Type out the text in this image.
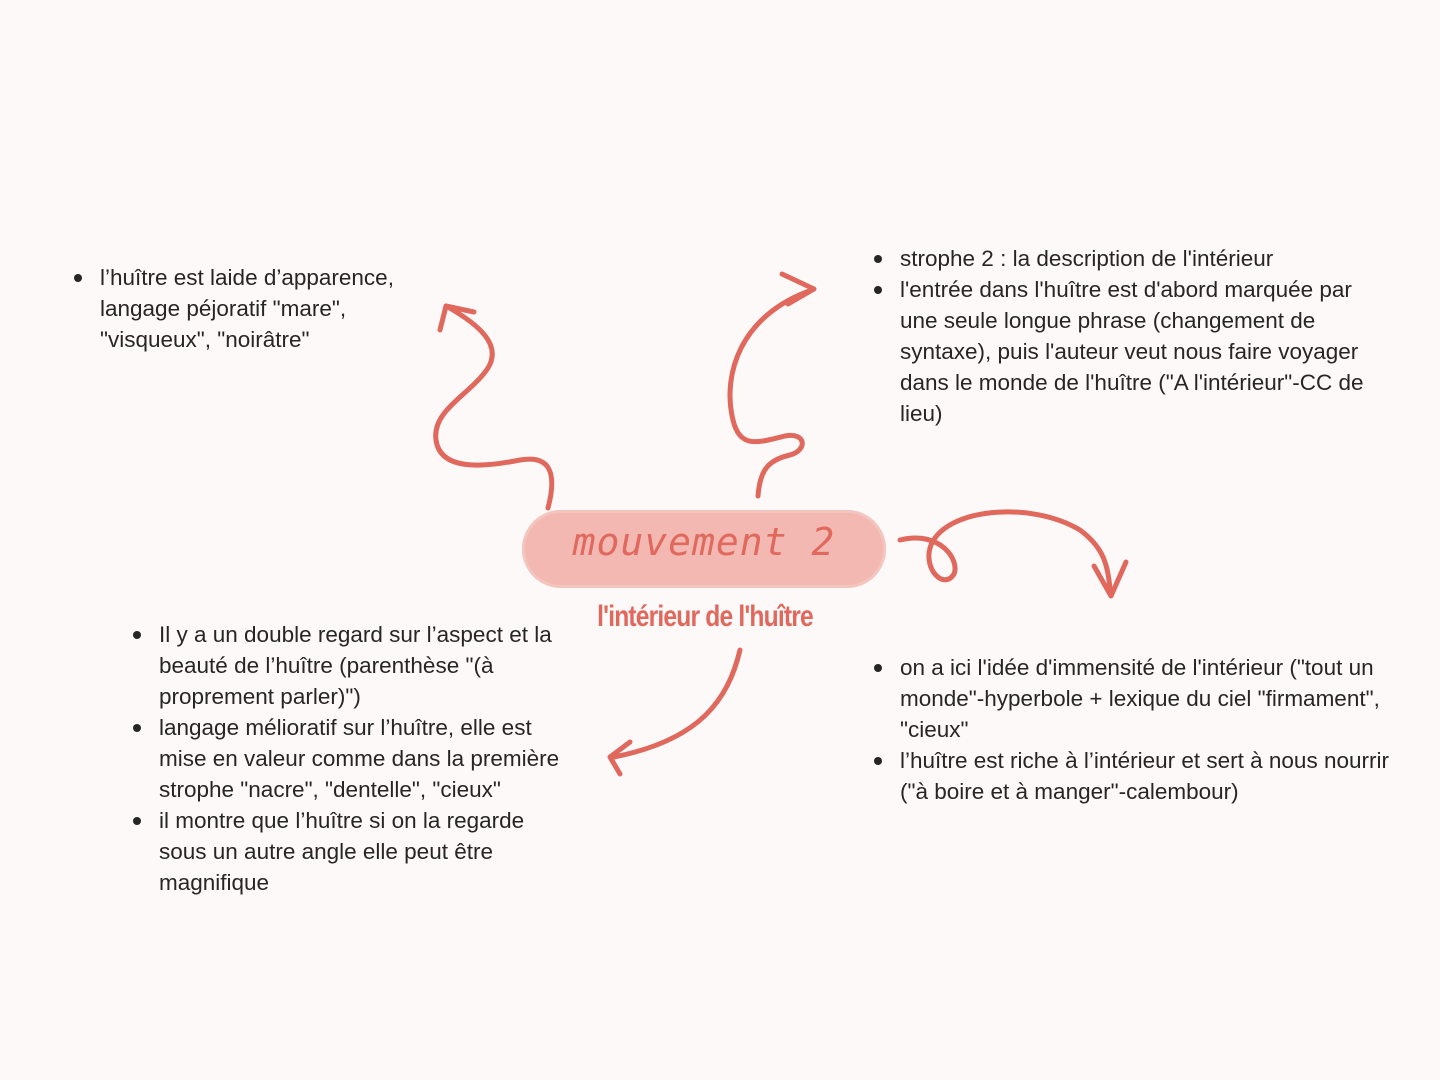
mouvement 2
l'intérieur de l'huître
l’huître est laide d’apparence, langage péjoratif "mare", "visqueux", "noirâtre"
strophe 2 : la description de l'intérieur
l'entrée dans l'huître est d'abord marquée par une seule longue phrase (changement de syntaxe), puis l'auteur veut nous faire voyager dans le monde de l'huître ("A l'intérieur"-CC de lieu)
Il y a un double regard sur l’aspect et la beauté de l’huître (parenthèse "(à proprement parler)")
langage mélioratif sur l’huître, elle est mise en valeur comme dans la première strophe "nacre", "dentelle", "cieux"
il montre que l’huître si on la regarde sous un autre angle elle peut être magnifique
on a ici l'idée d'immensité de l'intérieur ("tout un monde"-hyperbole + lexique du ciel "firmament", "cieux"
l’huître est riche à l’intérieur et sert à nous nourrir ("à boire et à manger"-calembour)
